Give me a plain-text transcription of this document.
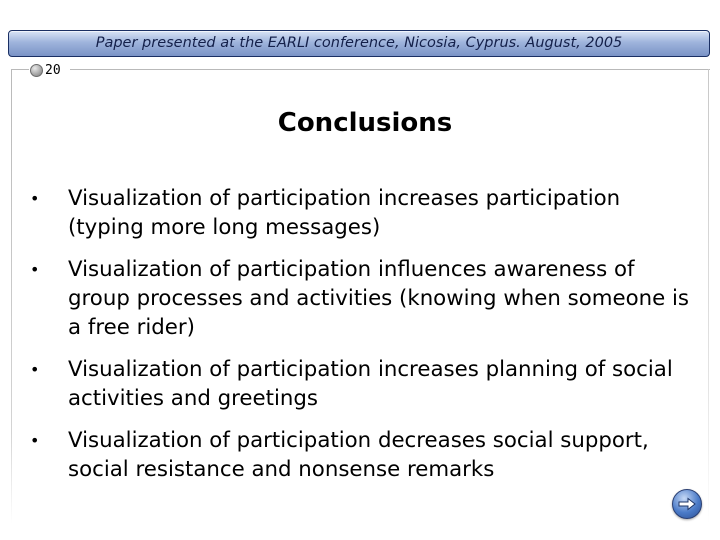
Paper presented at the EARLI conference, Nicosia, Cyprus. August, 2005
20
Conclusions
• Visualization of participation increases participation (typing more long messages)
• Visualization of participation influences awareness of group processes and activities (knowing when someone is a free rider)
• Visualization of participation increases planning of social activities and greetings
• Visualization of participation decreases social support, social resistance and nonsense remarks
